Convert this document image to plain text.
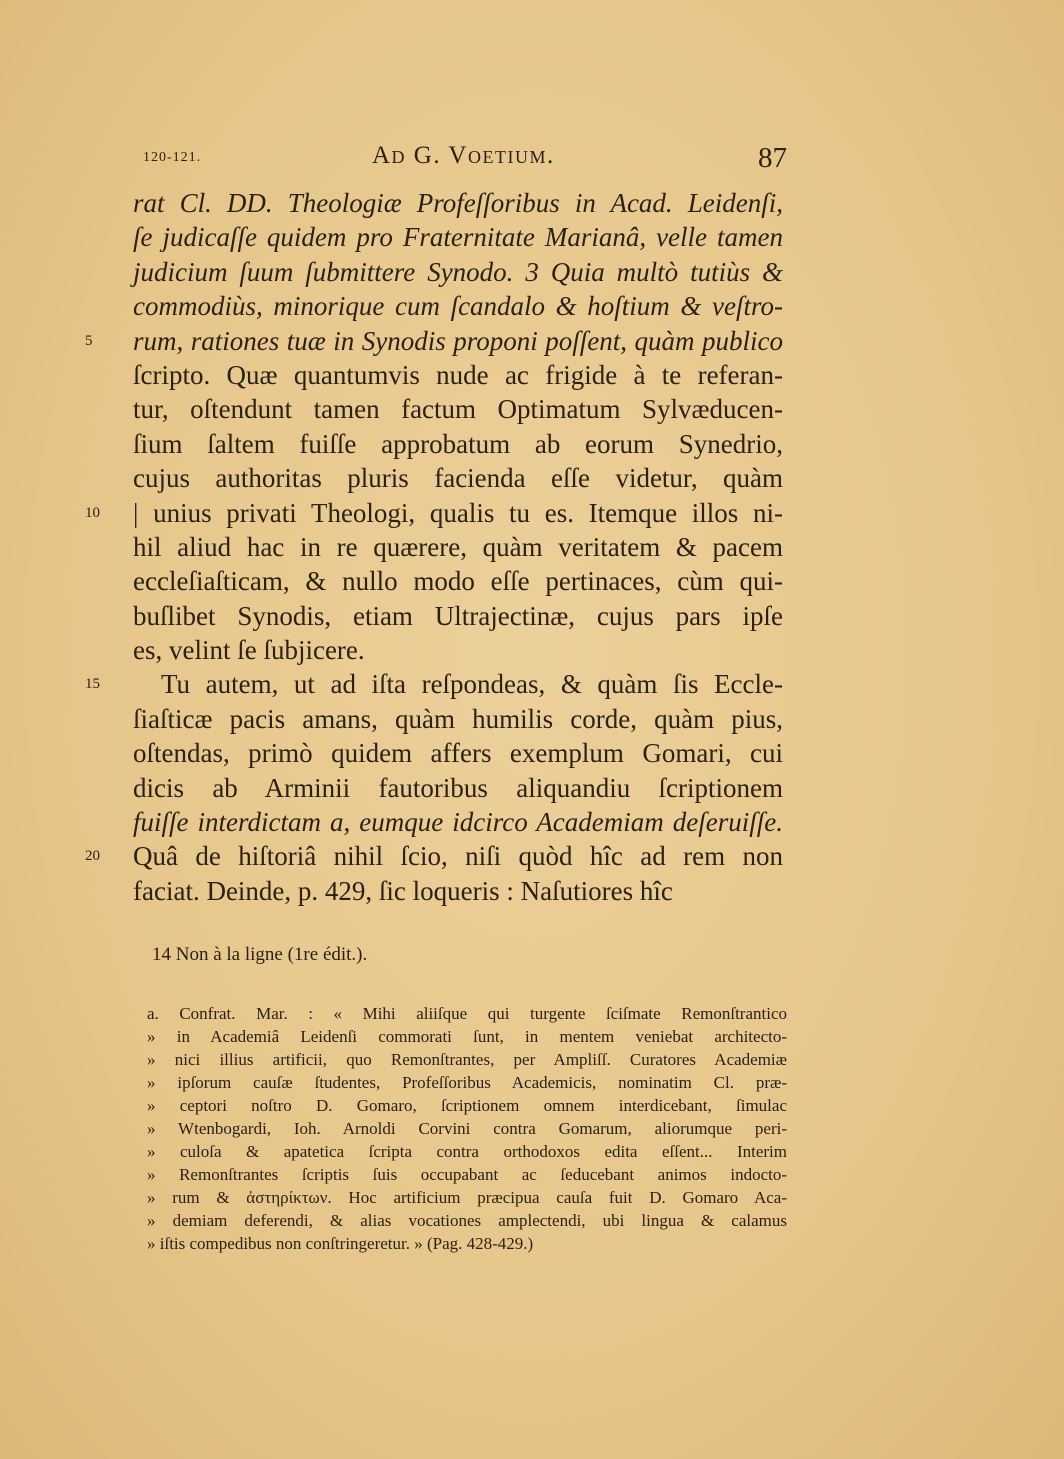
120-121.	Ad G. Voetium.	87
rat Cl. DD. Theologiæ Profeſſoribus in Acad. Leidenſi,
ſe judicaſſe quidem pro Fraternitate Marianâ, velle tamen
judicium ſuum ſubmittere Synodo. 3 Quia multò tutiùs &
commodiùs, minorique cum ſcandalo & hoſtium & veſtro-
5 rum, rationes tuæ in Synodis proponi poſſent, quàm publico
ſcripto. Quæ quantumvis nude ac frigide à te referan-
tur, oſtendunt tamen factum Optimatum Sylvæducen-
ſium ſaltem fuiſſe approbatum ab eorum Synedrio,
cujus authoritas pluris facienda eſſe videtur, quàm
10 | unius privati Theologi, qualis tu es. Itemque illos ni-
hil aliud hac in re quærere, quàm veritatem & pacem
eccleſiaſticam, & nullo modo eſſe pertinaces, cùm qui-
buſlibet Synodis, etiam Ultrajectinæ, cujus pars ipſe
es, velint ſe ſubjicere.
15 Tu autem, ut ad iſta reſpondeas, & quàm ſis Eccle-
ſiaſticæ pacis amans, quàm humilis corde, quàm pius,
oſtendas, primò quidem affers exemplum Gomari, cui
dicis ab Arminii fautoribus aliquandiu ſcriptionem
fuiſſe interdictam a, eumque idcirco Academiam deſeruiſſe.
20 Quâ de hiſtoriâ nihil ſcio, niſi quòd hîc ad rem non
faciat. Deinde, p. 429, ſic loqueris : Naſutiores hîc
14 Non à la ligne (1re édit.).
a. Confrat. Mar. : « Mihi aliiſque qui turgente ſciſmate Remonſtrantico
» in Academiâ Leidenſi commorati ſunt, in mentem veniebat architecto-
» nici illius artificii, quo Remonſtrantes, per Ampliſſ. Curatores Academiæ
» ipſorum cauſæ ſtudentes, Profeſſoribus Academicis, nominatim Cl. præ-
» ceptori noſtro D. Gomaro, ſcriptionem omnem interdicebant, ſimulac
» Wtenbogardi, Ioh. Arnoldi Corvini contra Gomarum, aliorumque peri-
» culoſa & apatetica ſcripta contra orthodoxos edita eſſent... Interim
» Remonſtrantes ſcriptis ſuis occupabant ac ſeducebant animos indocto-
» rum & ἀστηρίκτων. Hoc artificium præcipua cauſa fuit D. Gomaro Aca-
» demiam deferendi, & alias vocationes amplectendi, ubi lingua & calamus
» iſtis compedibus non conſtringeretur. » (Pag. 428-429.)
